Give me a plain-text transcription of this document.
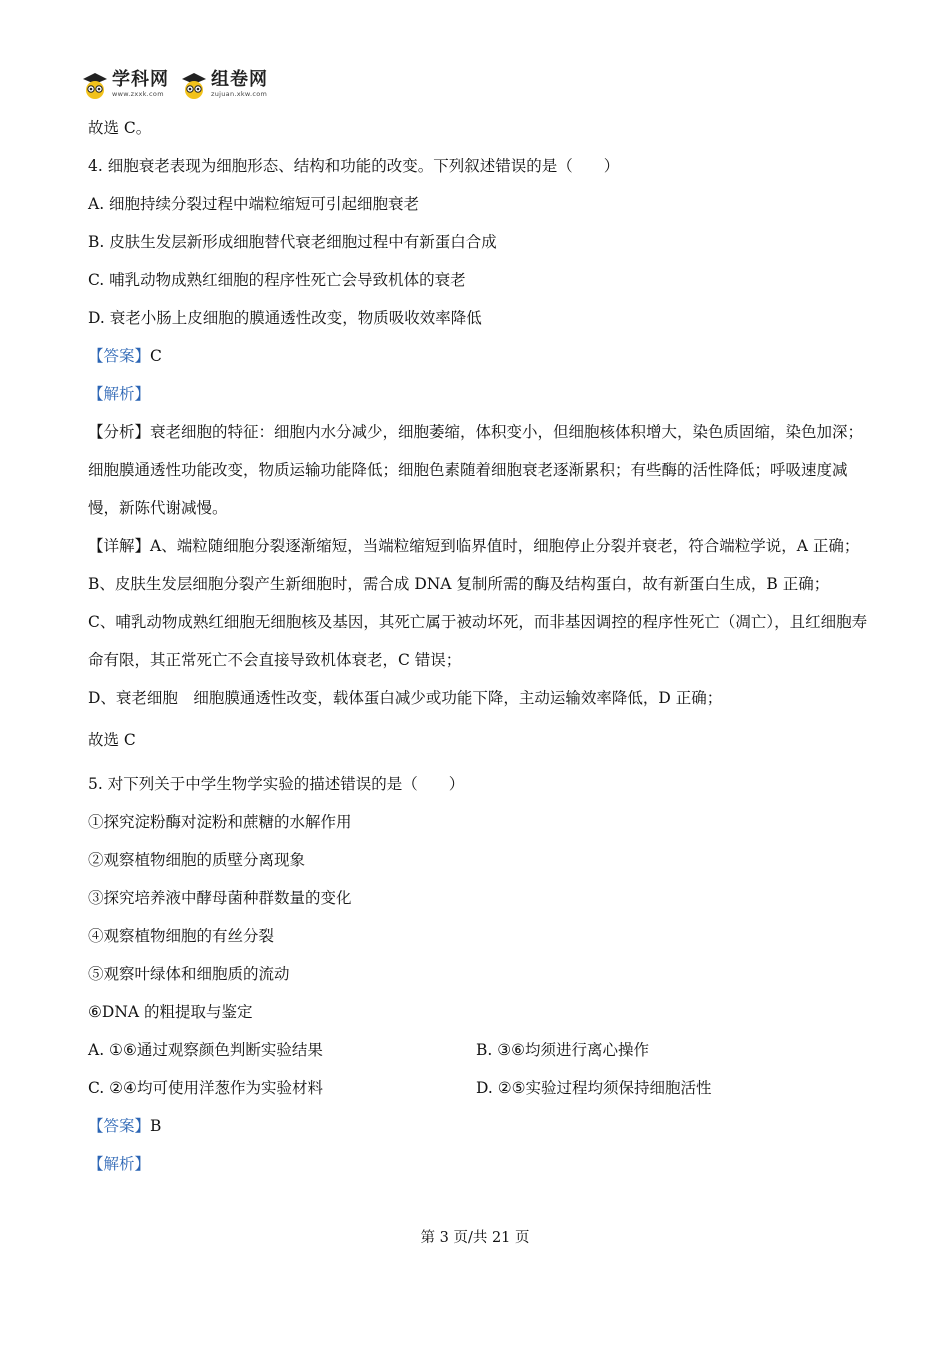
学科网
www.zxxk.com
组卷网
zujuan.xkw.com
故选 C。
4. 细胞衰老表现为细胞形态、结构和功能的改变。下列叙述错误的是（　　）
A. 细胞持续分裂过程中端粒缩短可引起细胞衰老
B. 皮肤生发层新形成细胞替代衰老细胞过程中有新蛋白合成
C. 哺乳动物成熟红细胞的程序性死亡会导致机体的衰老
D. 衰老小肠上皮细胞的膜通透性改变，物质吸收效率降低
【答案】C
【解析】
【分析】衰老细胞的特征：细胞内水分减少，细胞萎缩，体积变小，但细胞核体积增大，染色质固缩，染色加深；细胞膜通透性功能改变，物质运输功能降低；细胞色素随着细胞衰老逐渐累积；有些酶的活性降低；呼吸速度减慢，新陈代谢减慢。
【详解】A、端粒随细胞分裂逐渐缩短，当端粒缩短到临界值时，细胞停止分裂并衰老，符合端粒学说，A 正确；
B、皮肤生发层细胞分裂产生新细胞时，需合成 DNA 复制所需的酶及结构蛋白，故有新蛋白生成，B 正确；
C、哺乳动物成熟红细胞无细胞核及基因，其死亡属于被动坏死，而非基因调控的程序性死亡（凋亡），且红细胞寿命有限，其正常死亡不会直接导致机体衰老，C 错误；
D、衰老细胞　细胞膜通透性改变，载体蛋白减少或功能下降，主动运输效率降低，D 正确；
故选 C
5. 对下列关于中学生物学实验的描述错误的是（　　）
①探究淀粉酶对淀粉和蔗糖的水解作用
②观察植物细胞的质壁分离现象
③探究培养液中酵母菌种群数量的变化
④观察植物细胞的有丝分裂
⑤观察叶绿体和细胞质的流动
⑥DNA 的粗提取与鉴定
A. ①⑥通过观察颜色判断实验结果	B. ③⑥均须进行离心操作
C. ②④均可使用洋葱作为实验材料	D. ②⑤实验过程均须保持细胞活性
【答案】B
【解析】
第 3 页/共 21 页
